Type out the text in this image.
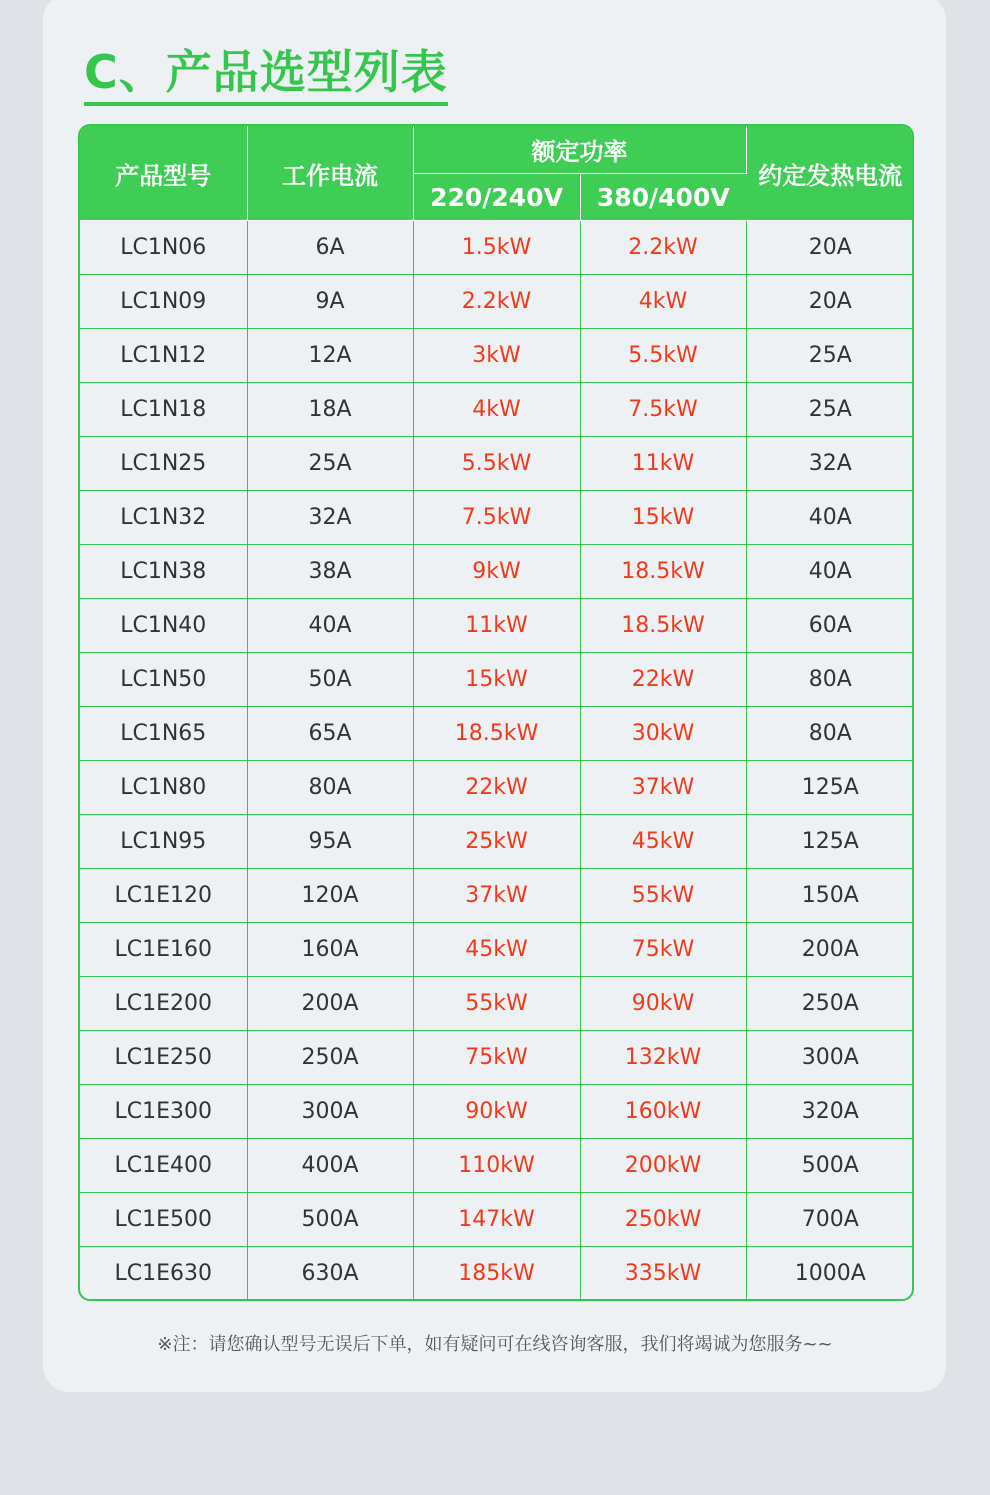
C、产品选型列表
产品型号	工作电流	额定功率		约定发热电流
		220/240V	380/400V	
LC1N06	6A	1.5kW	2.2kW	20A
LC1N09	9A	2.2kW	4kW	20A
LC1N12	12A	3kW	5.5kW	25A
LC1N18	18A	4kW	7.5kW	25A
LC1N25	25A	5.5kW	11kW	32A
LC1N32	32A	7.5kW	15kW	40A
LC1N38	38A	9kW	18.5kW	40A
LC1N40	40A	11kW	18.5kW	60A
LC1N50	50A	15kW	22kW	80A
LC1N65	65A	18.5kW	30kW	80A
LC1N80	80A	22kW	37kW	125A
LC1N95	95A	25kW	45kW	125A
LC1E120	120A	37kW	55kW	150A
LC1E160	160A	45kW	75kW	200A
LC1E200	200A	55kW	90kW	250A
LC1E250	250A	75kW	132kW	300A
LC1E300	300A	90kW	160kW	320A
LC1E400	400A	110kW	200kW	500A
LC1E500	500A	147kW	250kW	700A
LC1E630	630A	185kW	335kW	1000A
※注：请您确认型号无误后下单，如有疑问可在线咨询客服，我们将竭诚为您服务~~
